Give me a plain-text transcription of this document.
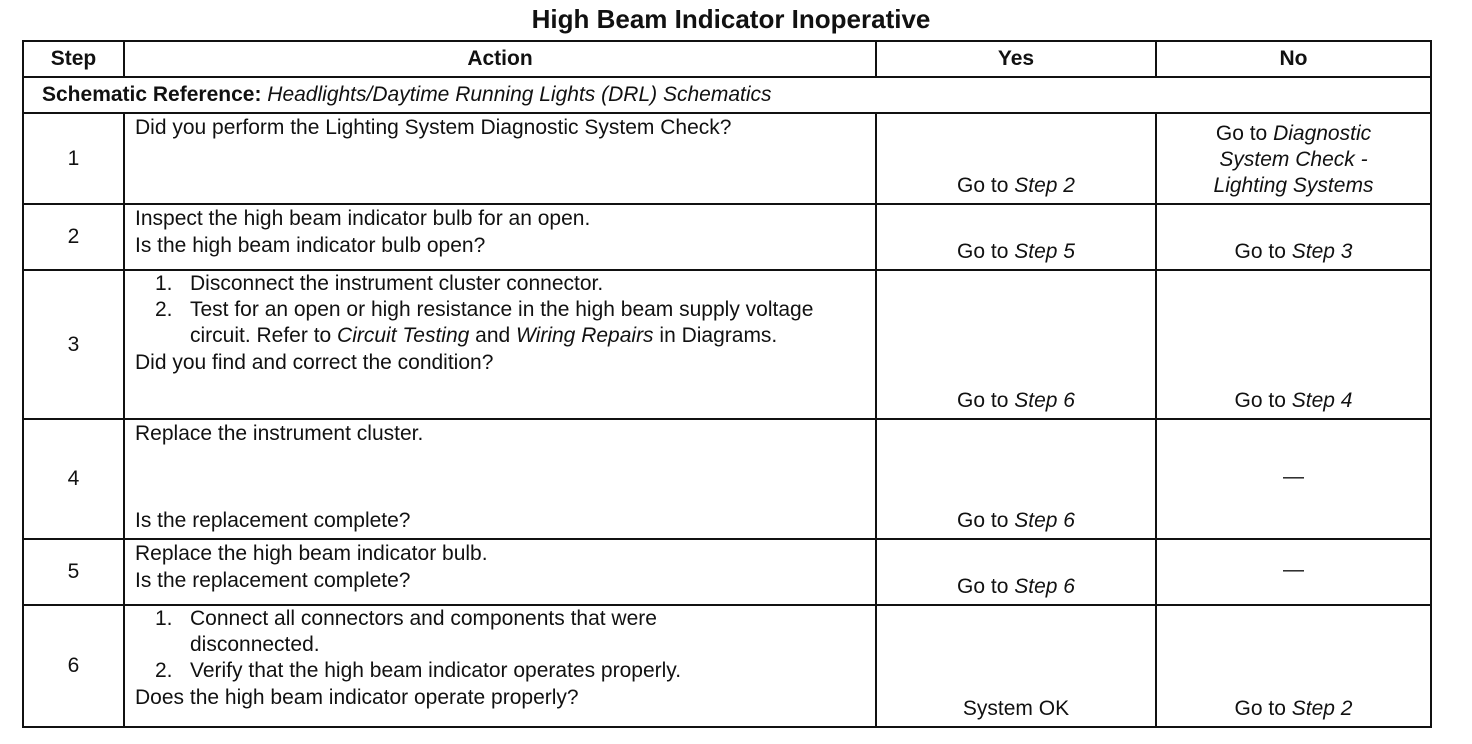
High Beam Indicator Inoperative
Step	Action	Yes	No
Schematic Reference: Headlights/Daytime Running Lights (DRL) Schematics			
1	Did you perform the Lighting System Diagnostic System Check?	Go to Step 2	Go to Diagnostic
System Check -
Lighting Systems

2	Inspect the high beam indicator bulb for an open.
Is the high beam indicator bulb open?	Go to Step 5	Go to Step 3
3	1. Disconnect the instrument cluster connector.
2. Test for an open or high resistance in the high beam supply voltage circuit. Refer to Circuit Testing and Wiring Repairs in Diagrams.
Did you find and correct the condition?	Go to Step 6	Go to Step 4
4	Replace the instrument cluster.
Is the replacement complete?	Go to Step 6	—
5	Replace the high beam indicator bulb.
Is the replacement complete?	Go to Step 6	—
6	1. Connect all connectors and components that were disconnected.
2. Verify that the high beam indicator operates properly.
Does the high beam indicator operate properly?	System OK	Go to Step 2
